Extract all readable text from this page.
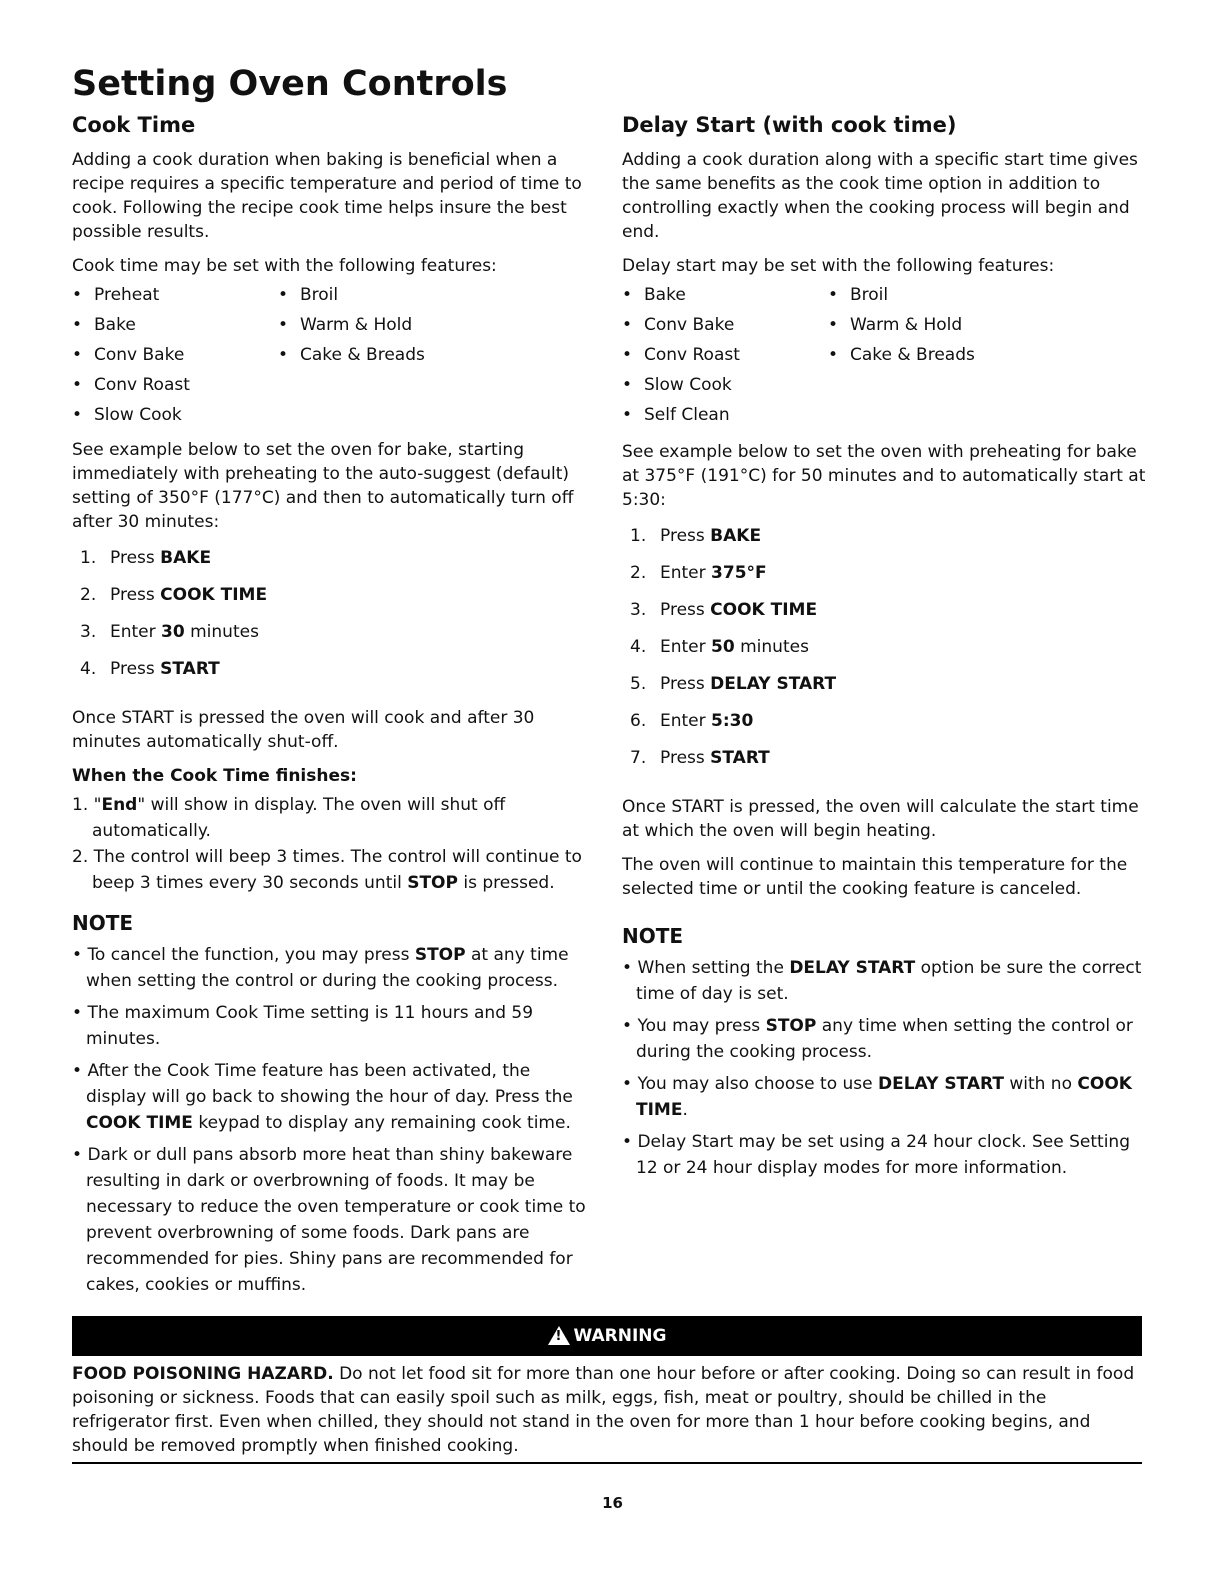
Setting Oven Controls
Cook Time

Adding a cook duration when baking is beneficial when a recipe requires a specific temperature and period of time to cook. Following the recipe cook time helps insure the best possible results.

Cook time may be set with the following features:

• Preheat	• Broil
• Bake	• Warm & Hold
• Conv Bake	• Cake & Breads
• Conv Roast
• Slow Cook

See example below to set the oven for bake, starting immediately with preheating to the auto-suggest (default) setting of 350°F (177°C) and then to automatically turn off after 30 minutes:

1. Press BAKE
2. Press COOK TIME
3. Enter 30 minutes
4. Press START

Once START is pressed the oven will cook and after 30 minutes automatically shut-off.

When the Cook Time finishes:
1. "End" will show in display. The oven will shut off automatically.
2. The control will beep 3 times. The control will continue to beep 3 times every 30 seconds until STOP is pressed.
NOTE
• To cancel the function, you may press STOP at any time when setting the control or during the cooking process.
• The maximum Cook Time setting is 11 hours and 59 minutes.
• After the Cook Time feature has been activated, the display will go back to showing the hour of day. Press the COOK TIME keypad to display any remaining cook time.
• Dark or dull pans absorb more heat than shiny bakeware resulting in dark or overbrowning of foods. It may be necessary to reduce the oven temperature or cook time to prevent overbrowning of some foods. Dark pans are recommended for pies. Shiny pans are recommended for cakes, cookies or muffins.
Delay Start (with cook time)

Adding a cook duration along with a specific start time gives the same benefits as the cook time option in addition to controlling exactly when the cooking process will begin and end.

Delay start may be set with the following features:

• Bake	• Broil
• Conv Bake	• Warm & Hold
• Conv Roast	• Cake & Breads
• Slow Cook
• Self Clean

See example below to set the oven with preheating for bake at 375°F (191°C) for 50 minutes and to automatically start at 5:30:

1. Press BAKE
2. Enter 375°F
3. Press COOK TIME
4. Enter 50 minutes
5. Press DELAY START
6. Enter 5:30
7. Press START

Once START is pressed, the oven will calculate the start time at which the oven will begin heating.

The oven will continue to maintain this temperature for the selected time or until the cooking feature is canceled.

NOTE
• When setting the DELAY START option be sure the correct time of day is set.
• You may press STOP any time when setting the control or during the cooking process.
• You may also choose to use DELAY START with no COOK TIME.
• Delay Start may be set using a 24 hour clock. See Setting 12 or 24 hour display modes for more information.
! WARNING

FOOD POISONING HAZARD. Do not let food sit for more than one hour before or after cooking. Doing so can result in food poisoning or sickness. Foods that can easily spoil such as milk, eggs, fish, meat or poultry, should be chilled in the refrigerator first. Even when chilled, they should not stand in the oven for more than 1 hour before cooking begins, and should be removed promptly when finished cooking.

16
